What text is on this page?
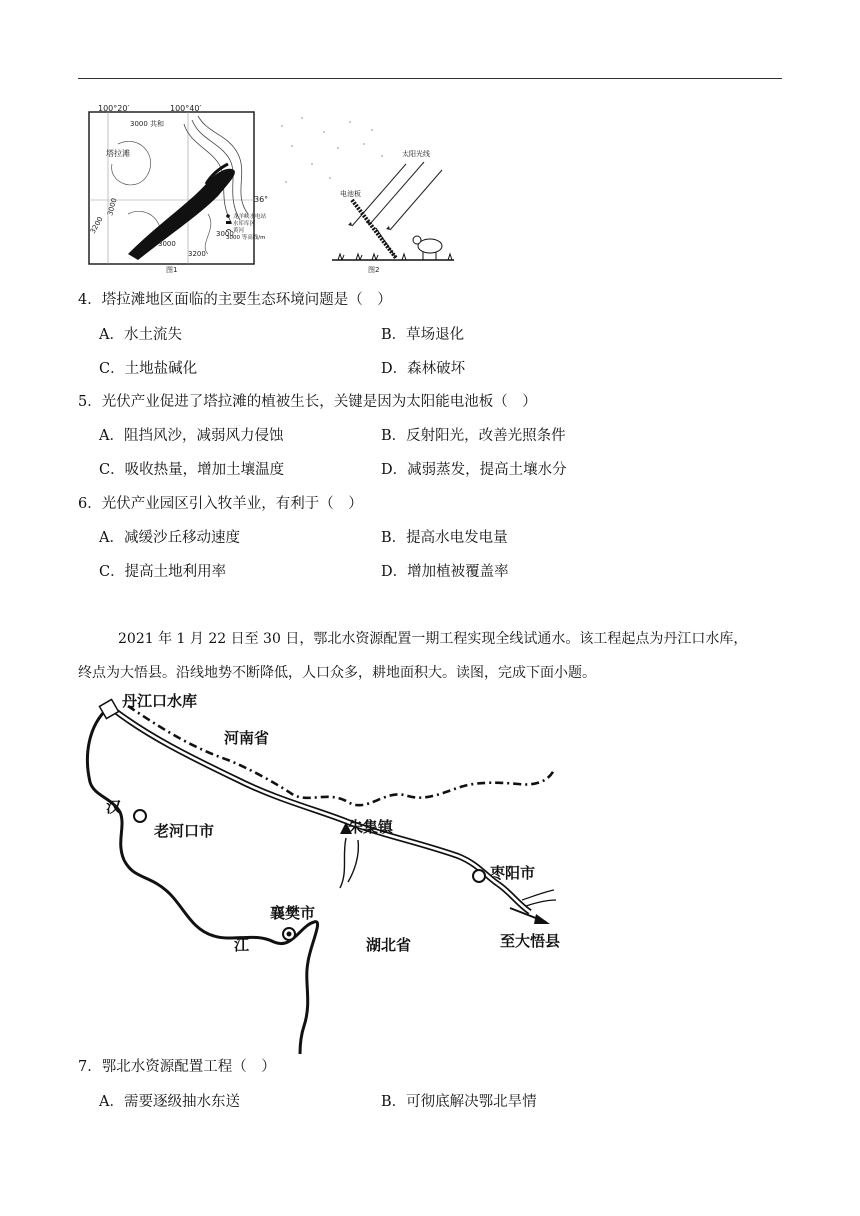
100°20′	100°40′
36°
3000
3000
3000
3000
3200
3200
塔拉滩
共和
龙羊峡水电站
水库库区
黄河
3000 等高线/m
图1
太阳光线
电池板
图2
4．塔拉滩地区面临的主要生态环境问题是（　）
A．水土流失	B．草场退化
C．土地盐碱化	D．森林破坏
5．光伏产业促进了塔拉滩的植被生长，关键是因为太阳能电池板（　）
A．阻挡风沙，减弱风力侵蚀	B．反射阳光，改善光照条件
C．吸收热量，增加土壤温度	D．减弱蒸发，提高土壤水分
6．光伏产业园区引入牧羊业，有利于（　）
A．减缓沙丘移动速度	B．提高水电发电量
C．提高土地利用率	D．增加植被覆盖率
2021 年 1 月 22 日至 30 日，鄂北水资源配置一期工程实现全线试通水。该工程起点为丹江口水库，
终点为大悟县。沿线地势不断降低，人口众多，耕地面积大。读图，完成下面小题。
丹江口水库
河南省
汉
老河口市	朱集镇
枣阳市
襄樊市
江	湖北省	至大悟县
7．鄂北水资源配置工程（　）
A．需要逐级抽水东送	B．可彻底解决鄂北旱情
